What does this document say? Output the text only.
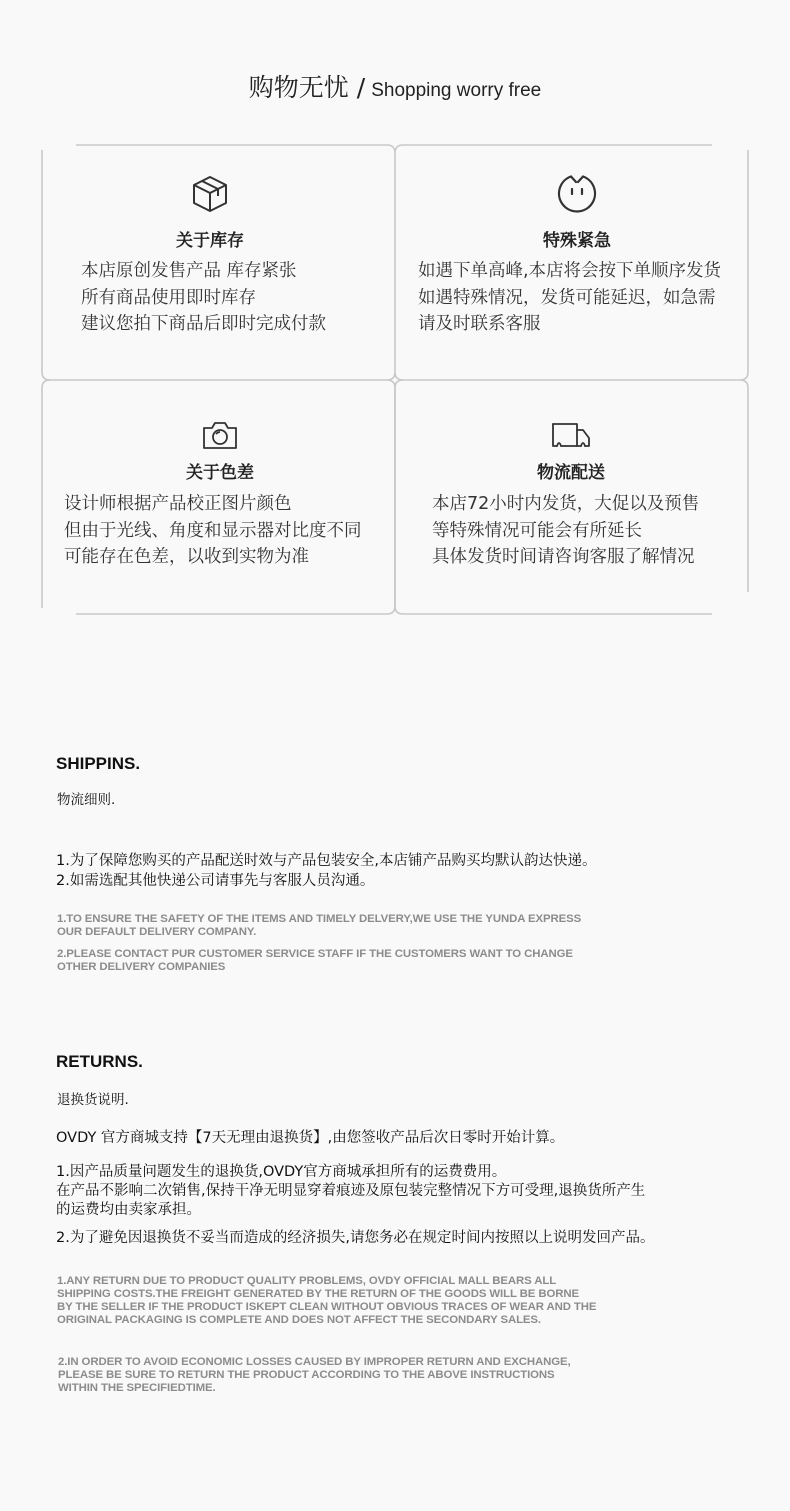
购物无忧 / Shopping worry free
关于库存
本店原创发售产品 库存紧张
所有商品使用即时库存
建议您拍下商品后即时完成付款
特殊紧急
如遇下单高峰,本店将会按下单顺序发货
如遇特殊情况，发货可能延迟，如急需
请及时联系客服
关于色差
设计师根据产品校正图片颜色
但由于光线、角度和显示器对比度不同
可能存在色差，以收到实物为准
物流配送
本店72小时内发货，大促以及预售
等特殊情况可能会有所延长
具体发货时间请咨询客服了解情况
SHIPPINS.
物流细则.
1.为了保障您购买的产品配送时效与产品包装安全,本店铺产品购买均默认韵达快递。
2.如需选配其他快递公司请事先与客服人员沟通。
1.TO ENSURE THE SAFETY OF THE ITEMS AND TIMELY DELVERY,WE USE THE YUNDA EXPRESS
OUR DEFAULT DELIVERY COMPANY.
2.PLEASE CONTACT PUR CUSTOMER SERVICE STAFF IF THE CUSTOMERS WANT TO CHANGE
OTHER DELIVERY COMPANIES
RETURNS.
退换货说明.
OVDY 官方商城支持【7天无理由退换货】,由您签收产品后次日零时开始计算。
1.因产品质量问题发生的退换货,OVDY官方商城承担所有的运费费用。
在产品不影响二次销售,保持干净无明显穿着痕迹及原包装完整情况下方可受理,退换货所产生
的运费均由卖家承担。
2.为了避免因退换货不妥当而造成的经济损失,请您务必在规定时间内按照以上说明发回产品。
1.ANY RETURN DUE TO PRODUCT QUALITY PROBLEMS, OVDY OFFICIAL MALL BEARS ALL
SHIPPING COSTS.THE FREIGHT GENERATED BY THE RETURN OF THE GOODS WILL BE BORNE
BY THE SELLER IF THE PRODUCT ISKEPT CLEAN WITHOUT OBVIOUS TRACES OF WEAR AND THE
ORIGINAL PACKAGING IS COMPLETE AND DOES NOT AFFECT THE SECONDARY SALES.
2.IN ORDER TO AVOID ECONOMIC LOSSES CAUSED BY IMPROPER RETURN AND EXCHANGE,
PLEASE BE SURE TO RETURN THE PRODUCT ACCORDING TO THE ABOVE INSTRUCTIONS
WITHIN THE SPECIFIEDTIME.
